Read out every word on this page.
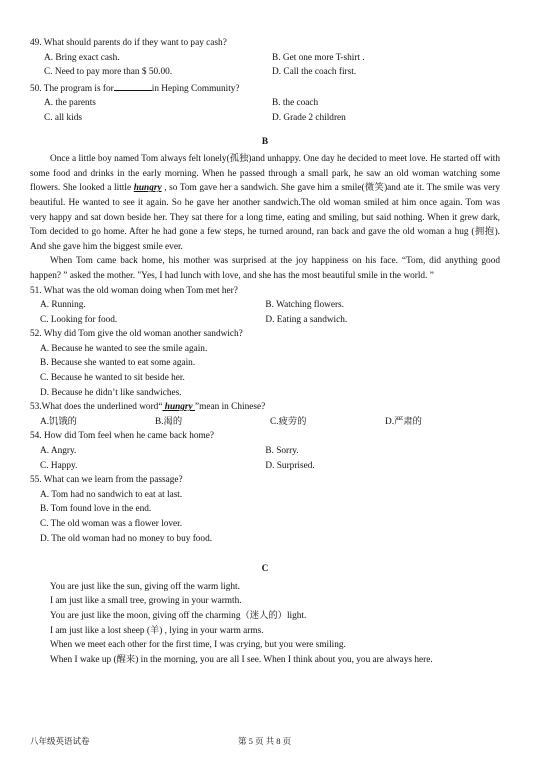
49. What should parents do if they want to pay cash?
A. Bring exact cash.	B. Get one more T-shirt .
C. Need to pay more than $ 50.00.	D. Call the coach first.
50. The program is for	in Heping Community?
A. the parents	B. the coach
C. all kids	D. Grade 2 children
B

Once a little boy named Tom always felt lonely(孤独)and unhappy. One day he decided to meet love. He started off with some food and drinks in the early morning. When he passed through a small park, he saw an old woman watching some flowers. She looked a little hungry , so Tom gave her a sandwich. She gave him a smile(微笑)and ate it. The smile was very beautiful. He wanted to see it again. So he gave her another sandwich.The old woman smiled at him once again. Tom was very happy and sat down beside her. They sat there for a long time, eating and smiling, but said nothing. When it grew dark, Tom decided to go home. After he had gone a few steps, he turned around, ran back and gave the old woman a hug (拥抱). And she gave him the biggest smile ever.

When Tom came back home, his mother was surprised at the joy happiness on his face. “Tom, did anything good happen? ” asked the mother. "Yes, I had lunch with love, and she has the most beautiful smile in the world. ”

51. What was the old woman doing when Tom met her?
A. Running.	B. Watching flowers.
C. Looking for food.	D. Eating a sandwich.
52. Why did Tom give the old woman another sandwich?
A. Because he wanted to see the smile again.
B. Because she wanted to eat some again.
C. Because he wanted to sit beside her.
D. Because he didn’t like sandwiches.
53.What does the underlined word“ hungry ”mean in Chinese?
A.饥饿的	B.渴的	C.疲劳的	D.严肃的
54. How did Tom feel when he came back home?
A. Angry.	B. Sorry.
C. Happy.	D. Surprised.
55. What can we learn from the passage?
A. Tom had no sandwich to eat at last.
B. Tom found love in the end.
C. The old woman was a flower lover.
D. The old woman had no money to buy food.
C
You are just like the sun, giving off the warm light.
I am just like a small tree, growing in your warmth.
You are just like the moon, giving off the charming（迷人的）light.
I am just like a lost sheep (羊) , lying in your warm arms.
When we meet each other for the first time, I was crying, but you were smiling.
When I wake up (醒来) in the morning, you are all I see. When I think about you, you are always here.
八年级英语试卷	第 5 页 共 8 页
